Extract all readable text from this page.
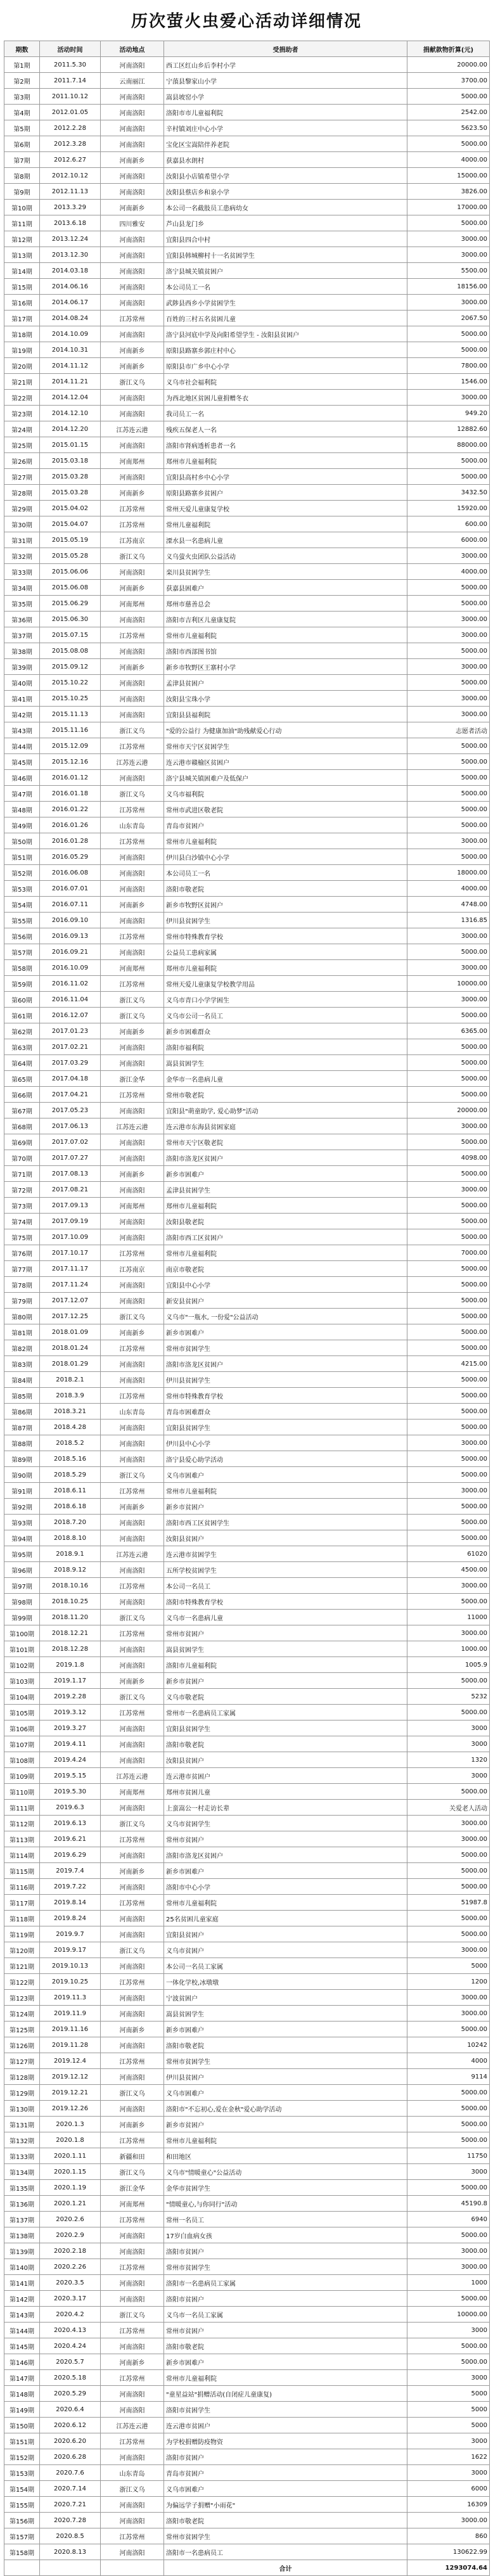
历次萤火虫爱心活动详细情况
期数	活动时间	活动地点	受捐助者	捐献款物折算(元)
第1期	2011.5.30	河南洛阳	西工区红山乡后李村小学	20000.00
第2期	2011.7.14	云南丽江	宁蒗县黎家山小学	3700.00
第3期	2011.10.12	河南洛阳	嵩县坡窑小学	5000.00
第4期	2012.01.05	河南洛阳	洛阳市市儿童福利院	2542.00
第5期	2012.2.28	河南洛阳	辛村镇刘庄中心小学	5623.50
第6期	2012.3.28	河南洛阳	宝化区宝嵩陪伴养老院	5000.00
第7期	2012.6.27	河南新乡	获嘉县水朗村	4000.00
第8期	2012.10.12	河南洛阳	汝阳县小店镇希望小学	15000.00
第9期	2012.11.13	河南洛阳	汝阳县蔡店乡和泉小学	3826.00
第10期	2013.3.29	河南新乡	本公司一名截肢员工患病幼女	17000.00
第11期	2013.6.18	四川雅安	芦山县龙门乡	5000.00
第12期	2013.12.24	河南洛阳	宜阳县四合中村	3000.00
第13期	2013.12.30	河南洛阳	宜阳县韩城柳村十一名贫困学生	3000.00
第14期	2014.03.18	河南洛阳	洛宁县城关镇贫困户	5500.00
第15期	2014.06.16	河南洛阳	本公司员工一名	18156.00
第16期	2014.06.17	河南洛阳	武陟县西乡小学贫困学生	3000.00
第17期	2014.08.24	江苏常州	百姓的三村五名贫困儿童	2067.50
第18期	2014.10.09	河南洛阳	洛宁县河底中学及向阳希望学生 - 汝阳县贫困户	5000.00
第19期	2014.10.31	河南新乡	原阳县路寨乡郭庄村中心	5000.00
第20期	2014.11.12	河南新乡	原阳县市广乡中心小学	7800.00
第21期	2014.11.21	浙江义乌	义乌市社会福利院	1546.00
第22期	2014.12.04	河南洛阳	为西北地区贫困儿童捐赠冬衣	3000.00
第23期	2014.12.10	河南洛阳	我司员工一名	949.20
第24期	2014.12.20	江苏连云港	残疾五保老人一名	12882.60
第25期	2015.01.15	河南洛阳	洛阳市肾病透析患者一名	88000.00
第26期	2015.03.18	河南郑州	郑州市儿童福利院	5000.00
第27期	2015.03.28	河南洛阳	宜阳县高村乡中心小学	5000.00
第28期	2015.03.28	河南新乡	原阳县路寨乡贫困户	3432.50
第29期	2015.04.02	江苏常州	常州天爱儿童康复学校	15920.00
第30期	2015.04.07	江苏常州	常州儿童福利院	600.00
第31期	2015.05.19	江苏南京	溧水县一名患病儿童	6000.00
第32期	2015.05.28	浙江义乌	义乌萤火虫团队公益活动	3000.00
第33期	2015.06.06	河南洛阳	栾川县贫困学生	4000.00
第34期	2015.06.08	河南新乡	获嘉县困难户	5000.00
第35期	2015.06.29	河南郑州	郑州市慈善总会	5000.00
第36期	2015.06.30	河南洛阳	洛阳市吉利区儿童康复院	3000.00
第37期	2015.07.15	江苏常州	常州市儿童福利院	3000.00
第38期	2015.08.08	河南洛阳	洛阳市西部图书馆	5000.00
第39期	2015.09.12	河南新乡	新乡市牧野区王寨村小学	3000.00
第40期	2015.10.22	河南洛阳	孟津县贫困户	5000.00
第41期	2015.10.25	河南洛阳	汝阳县宝珠小学	3000.00
第42期	2015.11.13	河南洛阳	宜阳县县福利院	3000.00
第43期	2015.11.16	浙江义乌	"爱的公益行 为健康加油"助残献爱心行动	志愿者活动
第44期	2015.12.09	江苏常州	常州市天宁区贫困学生	5000.00
第45期	2015.12.16	江苏连云港	连云港市赣榆区贫困户	5000.00
第46期	2016.01.12	河南洛阳	洛宁县城关镇困难户及低保户	5000.00
第47期	2016.01.18	浙江义乌	义乌市福利院	5000.00
第48期	2016.01.22	江苏常州	常州市武进区敬老院	5000.00
第49期	2016.01.26	山东青岛	青岛市贫困户	5000.00
第50期	2016.01.28	江苏常州	常州市儿童福利院	3000.00
第51期	2016.05.29	河南洛阳	伊川县白沙镇中心小学	5000.00
第52期	2016.06.08	河南洛阳	本公司员工一名	18000.00
第53期	2016.07.01	河南洛阳	洛阳市敬老院	4000.00
第54期	2016.07.11	河南新乡	新乡市牧野区贫困户	4748.00
第55期	2016.09.10	河南洛阳	伊川县贫困学生	1316.85
第56期	2016.09.13	江苏常州	常州市特殊教育学校	3000.00
第57期	2016.09.21	河南洛阳	公益员工患病家属	5000.00
第58期	2016.10.09	河南郑州	郑州市儿童福利院	3000.00
第59期	2016.11.02	江苏常州	常州天爱儿童康复学校教学用品	10000.00
第60期	2016.11.04	浙江义乌	义乌市青口小学学困生	3000.00
第61期	2016.12.07	浙江义乌	义乌市公司一名员工	5000.00
第62期	2017.01.23	河南新乡	新乡市困难群众	6365.00
第63期	2017.02.21	河南洛阳	洛阳市福利院	5000.00
第64期	2017.03.29	河南洛阳	嵩县贫困学生	5000.00
第65期	2017.04.18	浙江金华	金华市一名患病儿童	5000.00
第66期	2017.04.21	江苏常州	常州市敬老院	5000.00
第67期	2017.05.23	河南洛阳	宜阳县"萌童助学, 爱心助梦"活动	20000.00
第68期	2017.06.13	江苏连云港	连云港市东海县贫困家庭	3000.00
第69期	2017.07.02	河南洛阳	常州市天宁区敬老院	5000.00
第70期	2017.07.27	河南洛阳	洛阳市洛龙区贫困户	4098.00
第71期	2017.08.13	河南新乡	新乡市困难户	5000.00
第72期	2017.08.21	河南洛阳	孟津县贫困学生	3000.00
第73期	2017.09.13	河南郑州	郑州市儿童福利院	5000.00
第74期	2017.09.19	河南洛阳	汝阳县敬老院	5000.00
第75期	2017.10.09	河南洛阳	洛阳市西工区贫困户	5000.00
第76期	2017.10.17	江苏常州	常州市儿童福利院	7000.00
第77期	2017.11.17	江苏南京	南京市敬老院	5000.00
第78期	2017.11.24	河南洛阳	宜阳县中心小学	5000.00
第79期	2017.12.07	河南洛阳	新安县贫困户	5000.00
第80期	2017.12.25	浙江义乌	义乌市"一瓶水, 一份爱"公益活动	5000.00
第81期	2018.01.09	河南新乡	新乡市困难户	5000.00
第82期	2018.01.24	江苏常州	常州市贫困学生	5000.00
第83期	2018.01.29	河南洛阳	洛阳市洛龙区贫困户	4215.00
第84期	2018.2.1	河南洛阳	伊川县贫困学生	5000.00
第85期	2018.3.9	江苏常州	常州市特殊教育学校	5000.00
第86期	2018.3.21	山东青岛	青岛市困难群众	5000.00
第87期	2018.4.28	河南洛阳	宜阳县贫困学生	5000.00
第88期	2018.5.2	河南洛阳	伊川县中心小学	3000.00
第89期	2018.5.16	河南洛阳	洛宁县爱心助学活动	5000.00
第90期	2018.5.29	浙江义乌	义乌市困难户	5000.00
第91期	2018.6.11	江苏常州	常州市儿童福利院	3000.00
第92期	2018.6.18	河南新乡	新乡市贫困户	5000.00
第93期	2018.7.20	河南洛阳	洛阳市西工区贫困学生	5000.00
第94期	2018.8.10	河南洛阳	汝阳县贫困户	5000.00
第95期	2018.9.1	江苏连云港	连云港市贫困学生	61020
第96期	2018.9.12	河南洛阳	五所学校贫困学生	4500.00
第97期	2018.10.16	江苏常州	本公司一名员工	3000.00
第98期	2018.10.25	河南洛阳	洛阳市特殊教育学校	5000.00
第99期	2018.11.20	浙江义乌	义乌市一名患病儿童	11000
第100期	2018.12.21	江苏常州	常州市贫困户	3000.00
第101期	2018.12.28	河南洛阳	嵩县贫困学生	1000.00
第102期	2019.1.8	河南洛阳	洛阳市儿童福利院	1005.9
第103期	2019.1.17	河南新乡	新乡市贫困户	5000.00
第104期	2019.2.28	浙江义乌	义乌市敬老院	5232
第105期	2019.3.12	江苏常州	常州市一名患病员工家属	5000.00
第106期	2019.3.27	河南洛阳	宜阳县贫困学生	3000
第107期	2019.4.11	河南洛阳	洛阳市敬老院	3000
第108期	2019.4.24	河南洛阳	汝阳县贫困户	1320
第109期	2019.5.15	江苏连云港	连云港市贫困户	3000
第110期	2019.5.30	河南郑州	郑州市贫困儿童	5000.00
第111期	2019.6.3	河南洛阳	上蛮嵩公一村走访长辈	关爱老人活动
第112期	2019.6.13	浙江义乌	义乌市贫困学生	3000.00
第113期	2019.6.21	江苏常州	常州市贫困户	3000.00
第114期	2019.6.29	河南洛阳	洛阳市洛龙区贫困户	5000.00
第115期	2019.7.4	河南新乡	新乡市困难户	5000.00
第116期	2019.7.22	河南洛阳	洛阳市中心小学	5000.00
第117期	2019.8.14	江苏常州	常州市儿童福利院	51987.8
第118期	2019.8.24	河南洛阳	25名贫困儿童家庭	5000.00
第119期	2019.9.7	河南洛阳	宜阳县贫困户	5000.00
第120期	2019.9.17	浙江义乌	义乌市贫困户	3000.00
第121期	2019.10.13	河南洛阳	本公司一名员工家属	5000
第122期	2019.10.25	江苏常州	一体化学校,冰墩墩	1200
第123期	2019.11.3	河南洛阳	宁波贫困户	3000.00
第124期	2019.11.9	河南洛阳	嵩县贫困学生	3000.00
第125期	2019.11.16	河南新乡	新乡市困难户	5000.00
第126期	2019.11.28	河南洛阳	洛阳市敬老院	10242
第127期	2019.12.4	江苏常州	常州市贫困学生	4000
第128期	2019.12.12	河南洛阳	伊川县贫困户	9114
第129期	2019.12.21	浙江义乌	义乌市困难户	5000.00
第130期	2019.12.26	河南洛阳	洛阳市"不忘初心,爱在金秋"爱心助学活动	5000.00
第131期	2020.1.3	河南新乡	新乡市贫困户	5000.00
第132期	2020.1.8	江苏常州	常州市儿童福利院	5000.00
第133期	2020.1.11	新疆和田	和田地区	11750
第134期	2020.1.15	浙江义乌	义乌市"情暖童心"公益活动	3000
第135期	2020.1.19	浙江金华	金华市贫困学生	5000.00
第136期	2020.1.21	河南郑州	"情暖童心,与你同行"活动	45190.8
第137期	2020.2.6	江苏常州	常州一名员工	6940
第138期	2020.2.9	河南洛阳	17岁白血病女孩	5000.00
第139期	2020.2.18	河南洛阳	洛阳市贫困户	3000.00
第140期	2020.2.26	江苏常州	常州市贫困学生	3000.00
第141期	2020.3.5	河南洛阳	洛阳市一名患病员工家属	1000
第142期	2020.3.17	河南洛阳	洛阳市贫困户	5000.00
第143期	2020.4.2	浙江义乌	义乌市一名员工家属	10000.00
第144期	2020.4.13	江苏常州	常州市贫困户	3000
第145期	2020.4.24	河南洛阳	洛阳市敬老院	5000.00
第146期	2020.5.7	河南新乡	新乡市困难户	5000.00
第147期	2020.5.18	江苏常州	常州市儿童福利院	3000
第148期	2020.5.29	河南洛阳	"童星益站"捐赠活动(自闭症儿童康复)	5000
第149期	2020.6.4	河南洛阳	洛阳市贫困学生	5000
第150期	2020.6.12	江苏连云港	连云港市贫困户	5000
第151期	2020.6.20	江苏常州	为学校捐赠防疫物资	3000
第152期	2020.6.28	河南洛阳	洛阳市贫困户	1622
第153期	2020.7.6	山东青岛	青岛市贫困户	3000
第154期	2020.7.14	浙江义乌	义乌市困难户	6000
第155期	2020.7.21	河南洛阳	为偏远学子捐赠"小雨花"	16309
第156期	2020.7.28	河南洛阳	洛阳市敬老院	3000.00
第157期	2020.8.5	江苏常州	常州市贫困学生	860
第158期	2020.8.13	河南洛阳	洛阳市一名患病员工	130622.99
			合计	1293074.64
